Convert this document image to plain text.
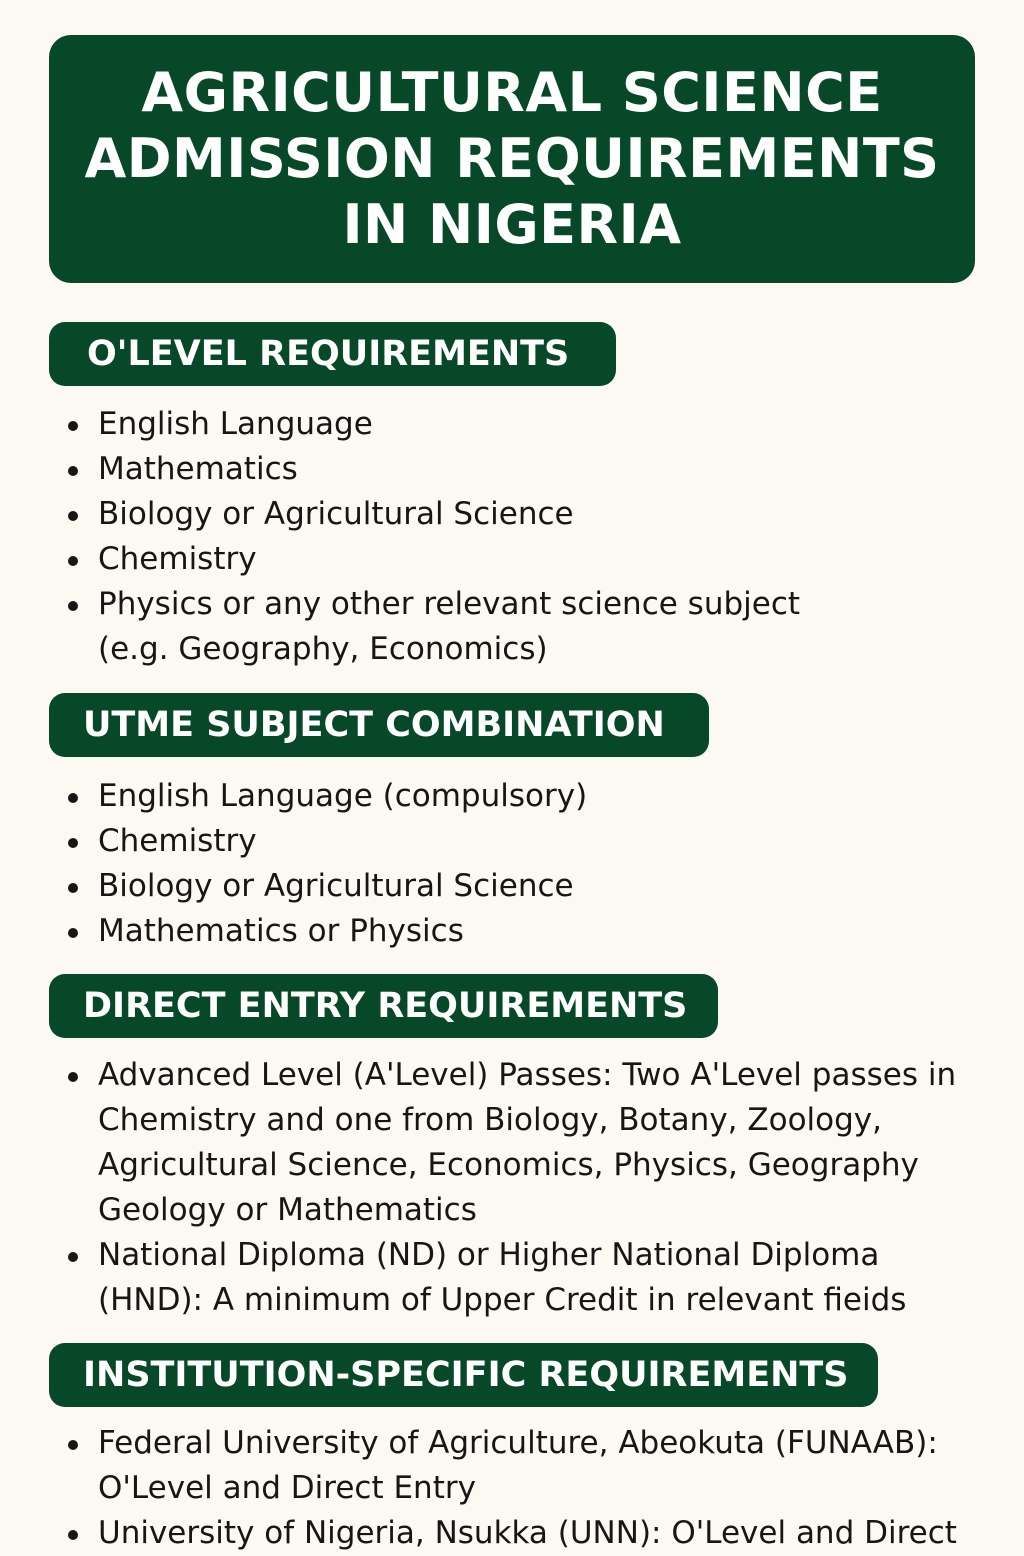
AGRICULTURAL SCIENCE
ADMISSION REQUIREMENTS
IN NIGERIA
O'LEVEL REQUIREMENTS
English Language
Mathematics
Biology or Agricultural Science
Chemistry
Physics or any other relevant science subject (e.g. Geography, Economics)
UTME SUBJECT COMBINATION
English Language (compulsory)
Chemistry
Biology or Agricultural Science
Mathematics or Physics
DIRECT ENTRY REQUIREMENTS
Advanced Level (A'Level) Passes: Two A'Level passes in Chemistry and one from Biology, Botany, Zoology, Agricultural Science, Economics, Physics, Geography Geology or Mathematics
National Diploma (ND) or Higher National Diploma (HND): A minimum of Upper Credit in relevant fieids
INSTITUTION-SPECIFIC REQUIREMENTS
Federal University of Agriculture, Abeokuta (FUNAAB): O'Level and Direct Entry
University of Nigeria, Nsukka (UNN): O'Level and Direct
